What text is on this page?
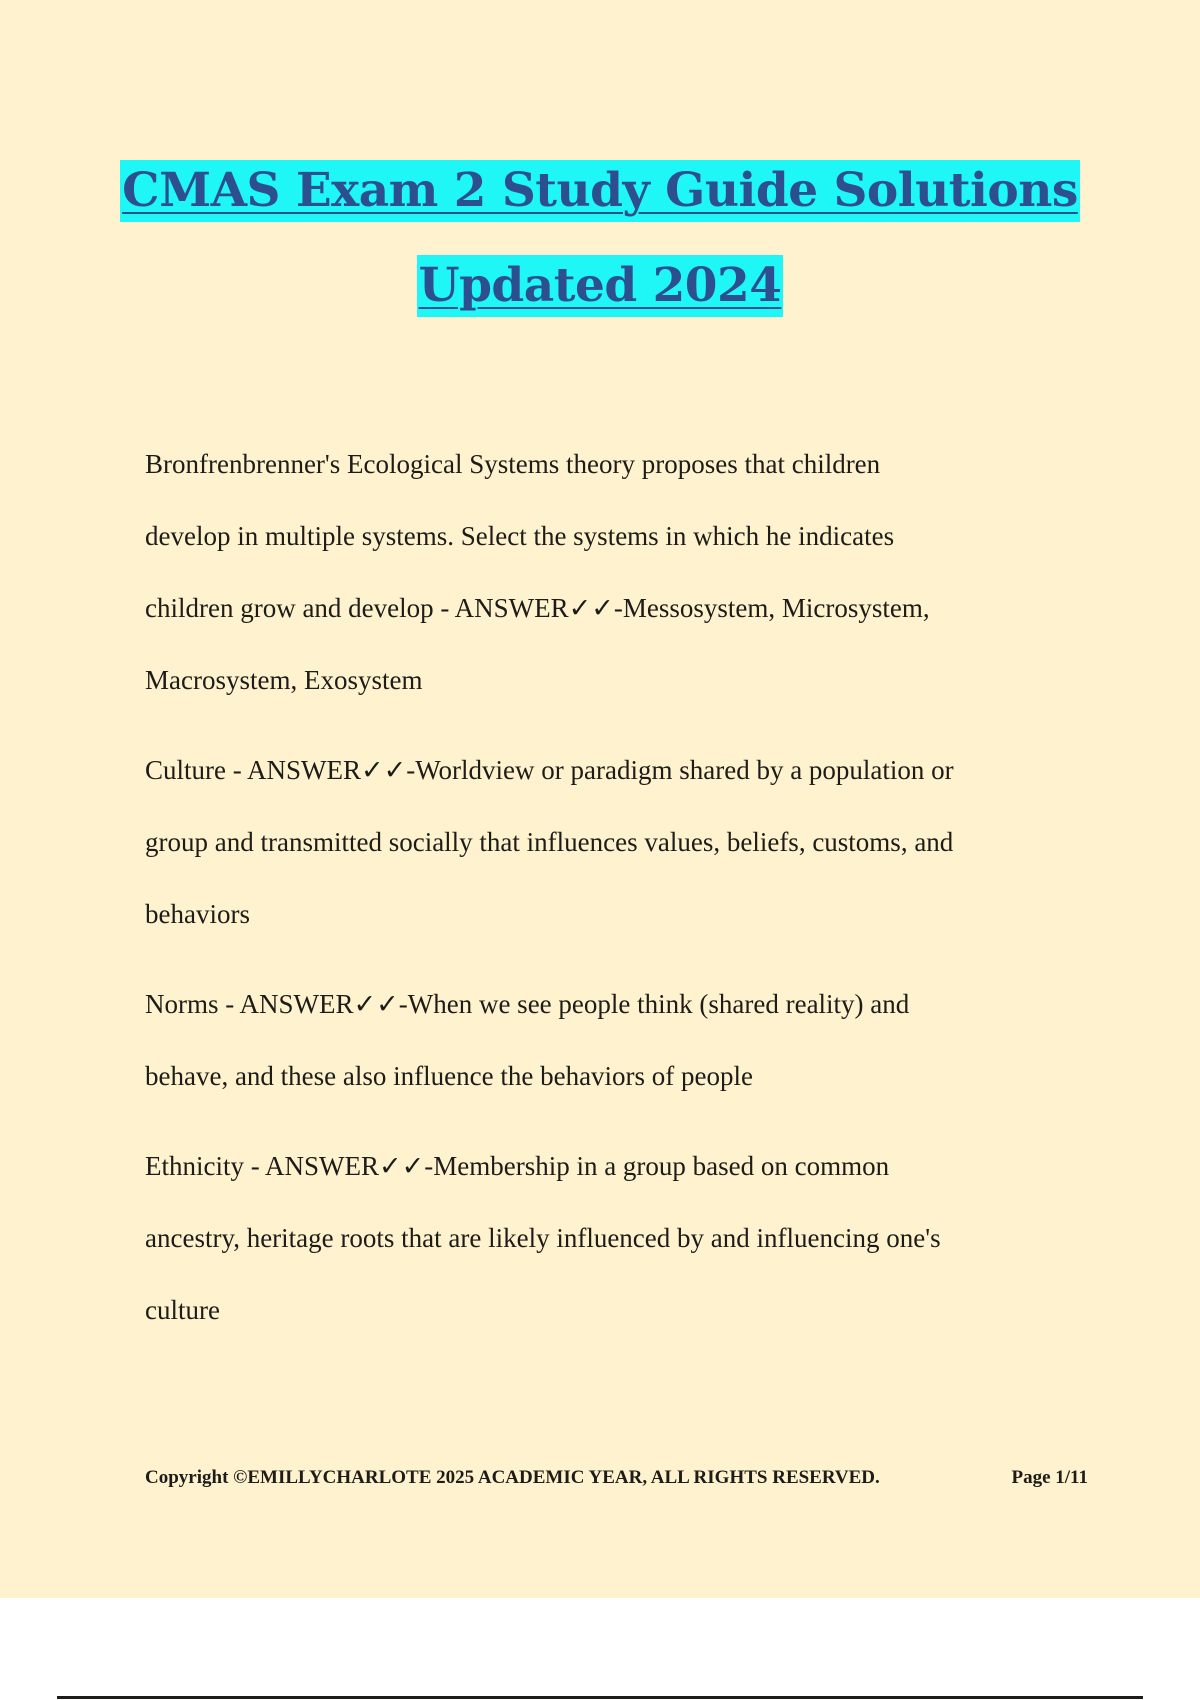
CMAS Exam 2 Study Guide Solutions
Updated 2024
Bronfrenbrenner's Ecological Systems theory proposes that children
develop in multiple systems. Select the systems in which he indicates
children grow and develop - ANSWER✓✓-Messosystem, Microsystem,
Macrosystem, Exosystem
Culture - ANSWER✓✓-Worldview or paradigm shared by a population or
group and transmitted socially that influences values, beliefs, customs, and
behaviors
Norms - ANSWER✓✓-When we see people think (shared reality) and
behave, and these also influence the behaviors of people
Ethnicity - ANSWER✓✓-Membership in a group based on common
ancestry, heritage roots that are likely influenced by and influencing one's
culture
Copyright ©EMILLYCHARLOTE 2025 ACADEMIC YEAR, ALL RIGHTS RESERVED.	Page 1/11
